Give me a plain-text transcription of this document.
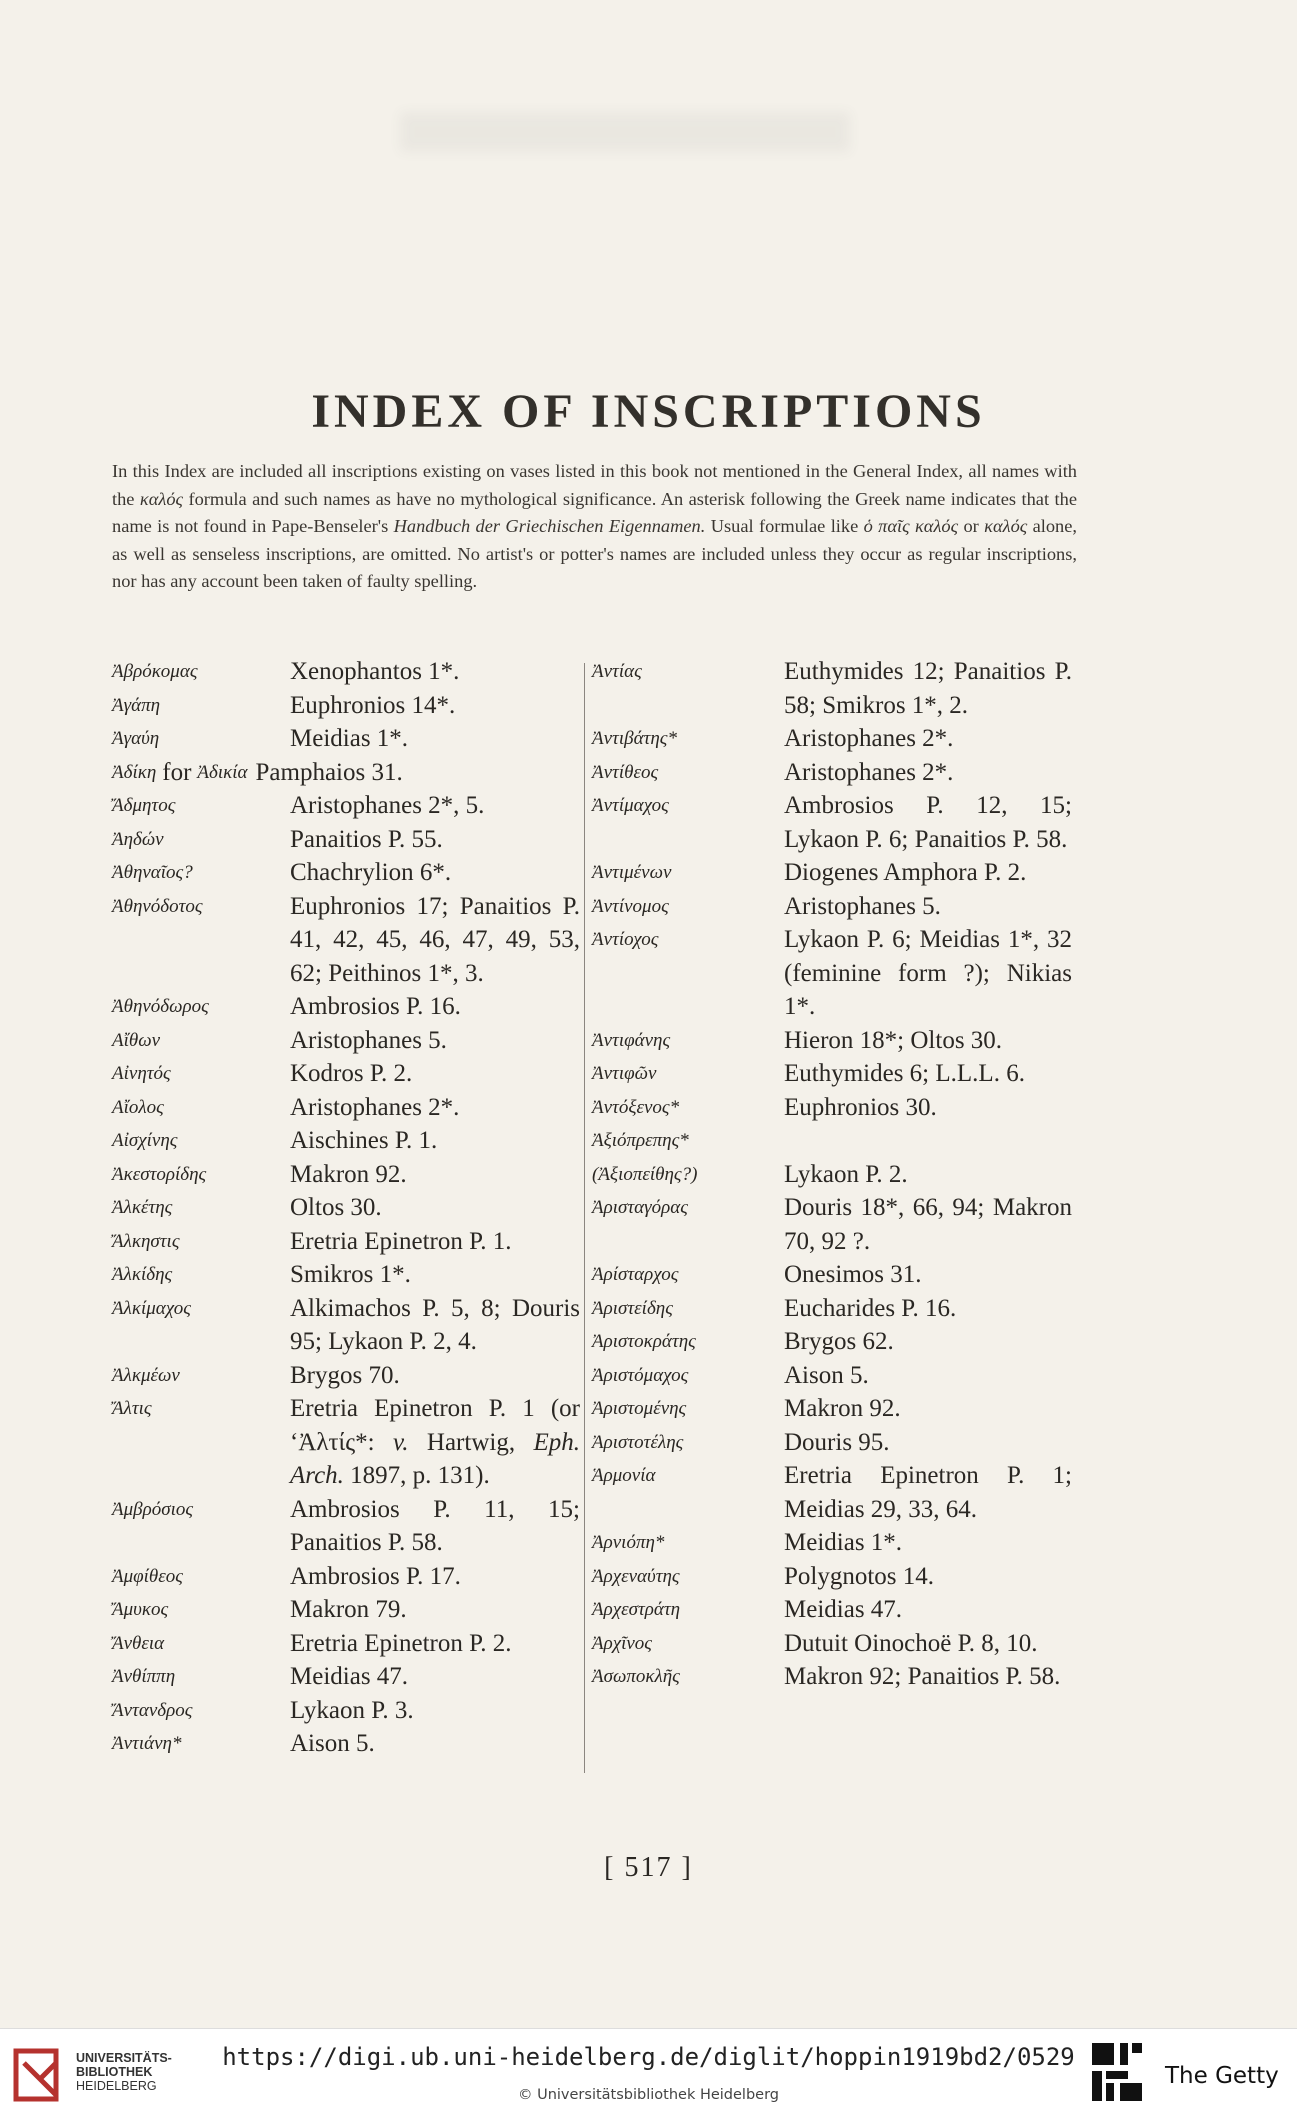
INDEX OF INSCRIPTIONS
In this Index are included all inscriptions existing on vases listed in this book not mentioned in the General Index, all names with the καλός formula and such names as have no mythological significance. An asterisk following the Greek name indicates that the name is not found in Pape-Benseler's Handbuch der Griechischen Eigennamen. Usual formulae like ὁ παῖς καλός or καλός alone, as well as senseless inscriptions, are omitted. No artist's or potter's names are included unless they occur as regular inscriptions, nor has any account been taken of faulty spelling.
Ἀβρόκομας	Xenophantos 1*.
Ἀγάπη	Euphronios 14*.
Ἀγαύη	Meidias 1*.
Ἀδίκη for Ἀδικία Pamphaios 31.
Ἄδμητος	Aristophanes 2*, 5.
Ἀηδών	Panaitios P. 55.
Ἀθηναῖος?	Chachrylion 6*.
Ἀθηνόδοτος	Euphronios 17; Panaitios P. 41, 42, 45, 46, 47, 49, 53, 62; Peithinos 1*, 3.
Ἀθηνόδωρος	Ambrosios P. 16.
Αἴθων	Aristophanes 5.
Αἰνητός	Kodros P. 2.
Αἴολος	Aristophanes 2*.
Αἰσχίνης	Aischines P. 1.
Ἀκεστορίδης	Makron 92.
Ἀλκέτης	Oltos 30.
Ἄλκηστις	Eretria Epinetron P. 1.
Ἀλκίδης	Smikros 1*.
Ἀλκίμαχος	Alkimachos P. 5, 8; Douris 95; Lykaon P. 2, 4.
Ἀλκμέων	Brygos 70.
Ἄλτις	Eretria Epinetron P. 1 (or ‘Ἀλτίς*: v. Hartwig, Eph. Arch. 1897, p. 131).
Ἀμβρόσιος	Ambrosios P. 11, 15; Panaitios P. 58.
Ἀμφίθεος	Ambrosios P. 17.
Ἄμυκος	Makron 79.
Ἄνθεια	Eretria Epinetron P. 2.
Ἀνθίππη	Meidias 47.
Ἄντανδρος	Lykaon P. 3.
Ἀντιάνη*	Aison 5.
Ἀντίας	Euthymides 12; Panaitios P. 58; Smikros 1*, 2.
Ἀντιβάτης*	Aristophanes 2*.
Ἀντίθεος	Aristophanes 2*.
Ἀντίμαχος	Ambrosios P. 12, 15; Lykaon P. 6; Panaitios P. 58.
Ἀντιμένων	Diogenes Amphora P. 2.
Ἀντίνομος	Aristophanes 5.
Ἀντίοχος	Lykaon P. 6; Meidias 1*, 32 (feminine form ?); Nikias 1*.
Ἀντιφάνης	Hieron 18*; Oltos 30.
Ἀντιφῶν	Euthymides 6; L.L.L. 6.
Ἀντόξενος*	Euphronios 30.
Ἀξιόπρεπης*
(Ἀξιοπείθης?)	Lykaon P. 2.
Ἀρισταγόρας	Douris 18*, 66, 94; Makron 70, 92 ?.
Ἀρίσταρχος	Onesimos 31.
Ἀριστείδης	Eucharides P. 16.
Ἀριστοκράτης	Brygos 62.
Ἀριστόμαχος	Aison 5.
Ἀριστομένης	Makron 92.
Ἀριστοτέλης	Douris 95.
Ἁρμονία	Eretria Epinetron P. 1; Meidias 29, 33, 64.
Ἀρνιόπη*	Meidias 1*.
Ἀρχεναύτης	Polygnotos 14.
Ἀρχεστράτη	Meidias 47.
Ἀρχῖνος	Dutuit Oinochoë P. 8, 10.
Ἀσωποκλῆς	Makron 92; Panaitios P. 58.
[ 517 ]
UNIVERSITÄTS-
BIBLIOTHEK
HEIDELBERG
https://digi.ub.uni-heidelberg.de/diglit/hoppin1919bd2/0529
© Universitätsbibliothek Heidelberg
The Getty
